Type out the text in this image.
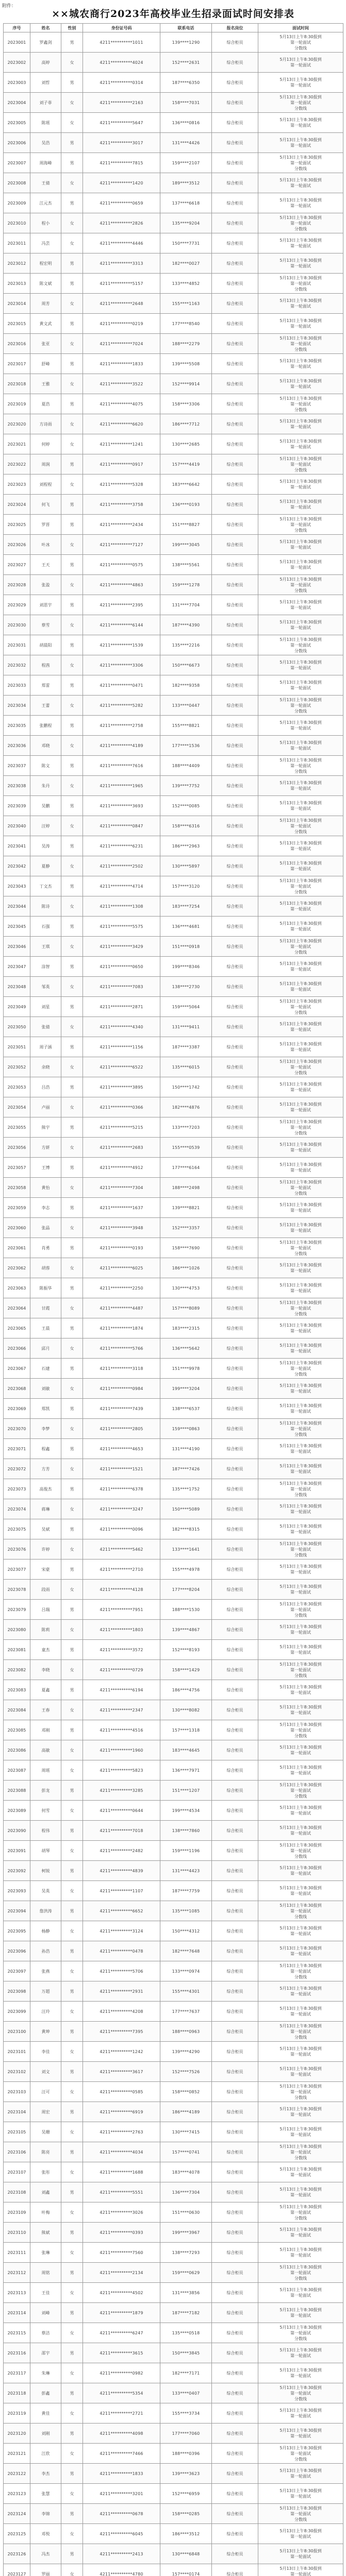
附件：
××城农商行2023年高校毕业生招录面试时间安排表
序号	姓名	性别	身份证号码	联系电话	报名岗位	面试时间
2023001	罗鑫剑	男	4211**********1011	139****1290	综合柜员	5月13日上午8:30报到
第一轮面试
分数线
2023002	高婷	女	4211**********4024	152****2631	综合柜员	5月13日上午8:30报到
第一轮面试
2023003	刘哲	男	4211**********0314	187****6350	综合柜员	5月13日上午8:30报到
第一轮面试
2023004	刘子菲	女	4211**********2163	158****7031	综合柜员	5月13日上午8:30报到
第一轮面试
分数线
2023005	陈瑶	女	4211**********5647	136****0816	综合柜员	5月13日上午8:30报到
第一轮面试
2023006	吴浩	男	4211**********3017	131****4426	综合柜员	5月13日上午8:30报到
第一轮面试
2023007	周海峰	男	4211**********7815	159****2107	综合柜员	5月13日上午8:30报到
第一轮面试
分数线
2023008	王倩	女	4211**********1420	189****3512	综合柜员	5月13日上午8:30报到
第一轮面试
2023009	江元杰	男	4211**********0659	137****6618	综合柜员	5月13日上午8:30报到
第一轮面试
2023010	程小	女	4211**********2826	135****9204	综合柜员	5月13日上午8:30报到
第一轮面试
分数线
2023011	冯芸	女	4211**********4446	150****7731	综合柜员	5月13日上午8:30报到
第一轮面试
2023012	程宏明	男	4211**********3313	182****0027	综合柜员	5月13日上午8:30报到
第一轮面试
2023013	陈文斌	男	4211**********5157	133****4852	综合柜员	5月13日上午8:30报到
第一轮面试
分数线
2023014	周芳	女	4211**********2648	155****1163	综合柜员	5月13日上午8:30报到
第一轮面试
2023015	黄文武	男	4211**********0219	177****8540	综合柜员	5月13日上午8:30报到
第一轮面试
2023016	张亚	女	4211**********7024	188****2279	综合柜员	5月13日上午8:30报到
第一轮面试
分数线
2023017	舒峰	男	4211**********1833	139****5508	综合柜员	5月13日上午8:30报到
第一轮面试
2023018	王雅	女	4211**********3522	152****9914	综合柜员	5月13日上午8:30报到
第一轮面试
2023019	夏浩	男	4211**********4075	158****3306	综合柜员	5月13日上午8:30报到
第一轮面试
分数线
2023020	方诗雨	女	4211**********6620	186****7712	综合柜员	5月13日上午8:30报到
第一轮面试
2023021	何婷	女	4211**********1241	130****2685	综合柜员	5月13日上午8:30报到
第一轮面试
2023022	周润	男	4211**********0917	157****4419	综合柜员	5月13日上午8:30报到
第一轮面试
分数线
2023023	刘程程	女	4211**********5328	183****6642	综合柜员	5月13日上午8:30报到
第一轮面试
2023024	何飞	男	4211**********3758	136****0193	综合柜员	5月13日上午8:30报到
第一轮面试
2023025	罗晋	男	4211**********2434	151****8827	综合柜员	5月13日上午8:30报到
第一轮面试
分数线
2023026	叶冰	女	4211**********7127	199****3045	综合柜员	5月13日上午8:30报到
第一轮面试
2023027	王天	男	4211**********0575	138****5561	综合柜员	5月13日上午8:30报到
第一轮面试
2023028	张盈	女	4211**********4863	159****1278	综合柜员	5月13日上午8:30报到
第一轮面试
分数线
2023029	刘思宇	男	4211**********2395	131****7704	综合柜员	5月13日上午8:30报到
第一轮面试
2023030	蔡雪	女	4211**********6144	187****4390	综合柜员	5月13日上午8:30报到
第一轮面试
2023031	胡晨阳	男	4211**********1539	135****2216	综合柜员	5月13日上午8:30报到
第一轮面试
分数线
2023032	程茜	女	4211**********3306	150****6673	综合柜员	5月13日上午8:30报到
第一轮面试
2023033	郑雷	男	4211**********0471	182****9358	综合柜员	5月13日上午8:30报到
第一轮面试
2023034	王蕾	女	4211**********5282	133****0447	综合柜员	5月13日上午8:30报到
第一轮面试
分数线
2023035	张鹏程	男	4211**********2758	155****8821	综合柜员	5月13日上午8:30报到
第一轮面试
2023036	邓晓	女	4211**********4189	177****1536	综合柜员	5月13日上午8:30报到
第一轮面试
2023037	陈文	男	4211**********7616	188****4409	综合柜员	5月13日上午8:30报到
第一轮面试
分数线
2023038	朱丹	女	4211**********1965	139****7752	综合柜员	5月13日上午8:30报到
第一轮面试
2023039	吴鹏	男	4211**********3693	152****0085	综合柜员	5月13日上午8:30报到
第一轮面试
2023040	汪婷	女	4211**********0847	158****6316	综合柜员	5月13日上午8:30报到
第一轮面试
分数线
2023041	吴涛	男	4211**********6231	186****2963	综合柜员	5月13日上午8:30报到
第一轮面试
2023042	夏静	女	4211**********2502	130****5897	综合柜员	5月13日上午8:30报到
第一轮面试
2023043	丁文杰	男	4211**********4714	157****3120	综合柜员	5月13日上午8:30报到
第一轮面试
分数线
2023044	陈诗	女	4211**********1308	183****7254	综合柜员	5月13日上午8:30报到
第一轮面试
2023045	石强	男	4211**********5575	136****4681	综合柜员	5月13日上午8:30报到
第一轮面试
2023046	王琪	女	4211**********3429	151****0918	综合柜员	5月13日上午8:30报到
第一轮面试
分数线
2023047	涂智	男	4211**********0650	199****8346	综合柜员	5月13日上午8:30报到
第一轮面试
2023048	邹英	女	4211**********7083	138****2730	综合柜员	5月13日上午8:30报到
第一轮面试
2023049	刘星	男	4211**********2871	159****5064	综合柜员	5月13日上午8:30报到
第一轮面试
分数线
2023050	张倩	女	4211**********4340	131****9411	综合柜员	5月13日上午8:30报到
第一轮面试
2023051	周子涵	男	4211**********1156	187****3387	综合柜员	5月13日上午8:30报到
第一轮面试
2023052	余晓	女	4211**********6522	135****6015	综合柜员	5月13日上午8:30报到
第一轮面试
分数线
2023053	吕浩	男	4211**********3895	150****1742	综合柜员	5月13日上午8:30报到
第一轮面试
2023054	卢丽	女	4211**********0366	182****4876	综合柜员	5月13日上午8:30报到
第一轮面试
2023055	熊宇	男	4211**********5215	133****7203	综合柜员	5月13日上午8:30报到
第一轮面试
分数线
2023056	方妍	女	4211**********2683	155****0539	综合柜员	5月13日上午8:30报到
第一轮面试
2023057	王博	男	4211**********4912	177****6164	综合柜员	5月13日上午8:30报到
第一轮面试
2023058	黄怡	女	4211**********7304	188****2498	综合柜员	5月13日上午8:30报到
第一轮面试
分数线
2023059	李志	男	4211**********1637	139****8821	综合柜员	5月13日上午8:30报到
第一轮面试
2023060	张晶	女	4211**********3948	152****3357	综合柜员	5月13日上午8:30报到
第一轮面试
2023061	肖勇	男	4211**********0193	158****7690	综合柜员	5月13日上午8:30报到
第一轮面试
分数线
2023062	胡蓉	女	4211**********6025	186****1026	综合柜员	5月13日上午8:30报到
第一轮面试
2023063	陈振华	男	4211**********2250	130****4753	综合柜员	5月13日上午8:30报到
第一轮面试
2023064	甘霞	女	4211**********4487	157****8089	综合柜员	5月13日上午8:30报到
第一轮面试
分数线
2023065	王晨	男	4211**********1874	183****2315	综合柜员	5月13日上午8:30报到
第一轮面试
2023066	邱月	女	4211**********5766	136****5642	综合柜员	5月13日上午8:30报到
第一轮面试
2023067	石建	男	4211**********3118	151****9978	综合柜员	5月13日上午8:30报到
第一轮面试
分数线
2023068	刘敏	女	4211**********0984	199****3204	综合柜员	5月13日上午8:30报到
第一轮面试
2023069	郑凯	男	4211**********7439	138****6537	综合柜员	5月13日上午8:30报到
第一轮面试
2023070	李梦	女	4211**********2805	159****0863	综合柜员	5月13日上午8:30报到
第一轮面试
分数线
2023071	程鑫	男	4211**********4653	131****4190	综合柜员	5月13日上午8:30报到
第一轮面试
2023072	方芳	女	4211**********1521	187****7426	综合柜员	5月13日上午8:30报到
第一轮面试
2023073	高俊杰	男	4211**********6378	135****1752	综合柜员	5月13日上午8:30报到
第一轮面试
分数线
2023074	蒋琳	女	4211**********3247	150****5089	综合柜员	5月13日上午8:30报到
第一轮面试
2023075	吴斌	男	4211**********0096	182****8315	综合柜员	5月13日上午8:30报到
第一轮面试
2023076	许婷	女	4211**********5462	133****1641	综合柜员	5月13日上午8:30报到
第一轮面试
分数线
2023077	宋豪	男	4211**********2710	155****4978	综合柜员	5月13日上午8:30报到
第一轮面试
2023078	段雨	女	4211**********4128	177****8204	综合柜员	5月13日上午8:30报到
第一轮面试
2023079	吕瑞	男	4211**********7951	188****1530	综合柜员	5月13日上午8:30报到
第一轮面试
分数线
2023080	陈莉	女	4211**********1803	139****4867	综合柜员	5月13日上午8:30报到
第一轮面试
2023081	童杰	男	4211**********3572	152****8193	综合柜员	5月13日上午8:30报到
第一轮面试
2023082	李晓	女	4211**********0729	158****1429	综合柜员	5月13日上午8:30报到
第一轮面试
分数线
2023083	夏鑫	男	4211**********6194	186****4756	综合柜员	5月13日上午8:30报到
第一轮面试
2023084	王春	女	4211**********2347	130****8082	综合柜员	5月13日上午8:30报到
第一轮面试
2023085	邓刚	男	4211**********4516	157****1318	综合柜员	5月13日上午8:30报到
第一轮面试
分数线
2023086	高敏	女	4211**********1960	183****4645	综合柜员	5月13日上午8:30报到
第一轮面试
2023087	周瑶	女	4211**********5823	136****7971	综合柜员	5月13日上午8:30报到
第一轮面试
2023088	彭龙	男	4211**********3285	151****1207	综合柜员	5月13日上午8:30报到
第一轮面试
分数线
2023089	何雪	女	4211**********0644	199****4534	综合柜员	5月13日上午8:30报到
第一轮面试
2023090	程伟	男	4211**********7018	138****7860	综合柜员	5月13日上午8:30报到
第一轮面试
2023091	胡琴	女	4211**********2482	159****1196	综合柜员	5月13日上午8:30报到
第一轮面试
分数线
2023092	柯锐	男	4211**********4839	131****4423	综合柜员	5月13日上午8:30报到
第一轮面试
2023093	吴英	女	4211**********1107	187****7759	综合柜员	5月13日上午8:30报到
第一轮面试
2023094	詹洪涛	男	4211**********6652	135****1085	综合柜员	5月13日上午8:30报到
第一轮面试
分数线
2023095	杨静	女	4211**********3124	150****4312	综合柜员	5月13日上午8:30报到
第一轮面试
2023096	孙浩	男	4211**********0478	182****7648	综合柜员	5月13日上午8:30报到
第一轮面试
2023097	张燕	女	4211**********5706	133****0974	综合柜员	5月13日上午8:30报到
第一轮面试
分数线
2023098	万超	男	4211**********2931	155****4301	综合柜员	5月13日上午8:30报到
第一轮面试
2023099	汪玲	女	4211**********4208	177****7637	综合柜员	5月13日上午8:30报到
第一轮面试
2023100	黄坤	男	4211**********7395	188****0963	综合柜员	5月13日上午8:30报到
第一轮面试
分数线
2023101	李佳	女	4211**********1242	139****4290	综合柜员	5月13日上午8:30报到
第一轮面试
2023102	刘文	男	4211**********3617	152****7526	综合柜员	5月13日上午8:30报到
第一轮面试
2023103	汪可	女	4211**********0585	158****0852	综合柜员	5月13日上午8:30报到
第一轮面试
分数线
2023104	周宏	男	4211**********6919	186****4189	综合柜员	5月13日上午8:30报到
第一轮面试
2023105	吴珊	女	4211**********2763	130****7415	综合柜员	5月13日上午8:30报到
第一轮面试
2023106	陈亮	男	4211**********4034	157****0741	综合柜员	5月13日上午8:30报到
第一轮面试
分数线
2023107	张彤	女	4211**********1688	183****4078	综合柜员	5月13日上午8:30报到
第一轮面试
2023108	刘鑫	男	4211**********5551	136****7304	综合柜员	5月13日上午8:30报到
第一轮面试
2023109	叶梅	女	4211**********3026	151****0630	综合柜员	5月13日上午8:30报到
第一轮面试
分数线
2023110	熊斌	男	4211**********0393	199****3967	综合柜员	5月13日上午8:30报到
第一轮面试
2023111	张琳	女	4211**********7560	138****7293	综合柜员	5月13日上午8:30报到
第一轮面试
2023112	周铭	男	4211**********2134	159****0629	综合柜员	5月13日上午8:30报到
第一轮面试
分数线
2023113	王佳	女	4211**********4502	131****3856	综合柜员	5月13日上午8:30报到
第一轮面试
2023114	刘峰	男	4211**********1879	187****7182	综合柜员	5月13日上午8:30报到
第一轮面试
2023115	蔡洁	女	4211**********6247	135****0518	综合柜员	5月13日上午8:30报到
第一轮面试
分数线
2023116	邵宇	男	4211**********3615	150****3845	综合柜员	5月13日上午8:30报到
第一轮面试
2023117	朱琳	女	4211**********0982	182****7171	综合柜员	5月13日上午8:30报到
第一轮面试
2023118	彭鑫	男	4211**********5354	133****0407	综合柜员	5月13日上午8:30报到
第一轮面试
分数线
2023119	黄佳	女	4211**********2721	155****3734	综合柜员	5月13日上午8:30报到
第一轮面试
2023120	刘刚	男	4211**********4098	177****7060	综合柜员	5月13日上午8:30报到
第一轮面试
2023121	江欣	女	4211**********7466	188****0396	综合柜员	5月13日上午8:30报到
第一轮面试
分数线
2023122	李杰	男	4211**********1833	139****3623	综合柜员	5月13日上午8:30报到
第一轮面试
2023123	张慧	女	4211**********3201	152****6959	综合柜员	5月13日上午8:30报到
第一轮面试
2023124	李锦	男	4211**********0678	158****0285	综合柜员	5月13日上午8:30报到
第一轮面试
分数线
2023125	邓悦	女	4211**********6045	186****3512	综合柜员	5月13日上午8:30报到
第一轮面试
2023126	冯杰	男	4211**********2413	130****6848	综合柜员	5月13日上午8:30报到
第一轮面试
2023127	罗丽	女	4211**********4780	157****0174	综合柜员	5月13日上午8:30报到
第一轮面试
